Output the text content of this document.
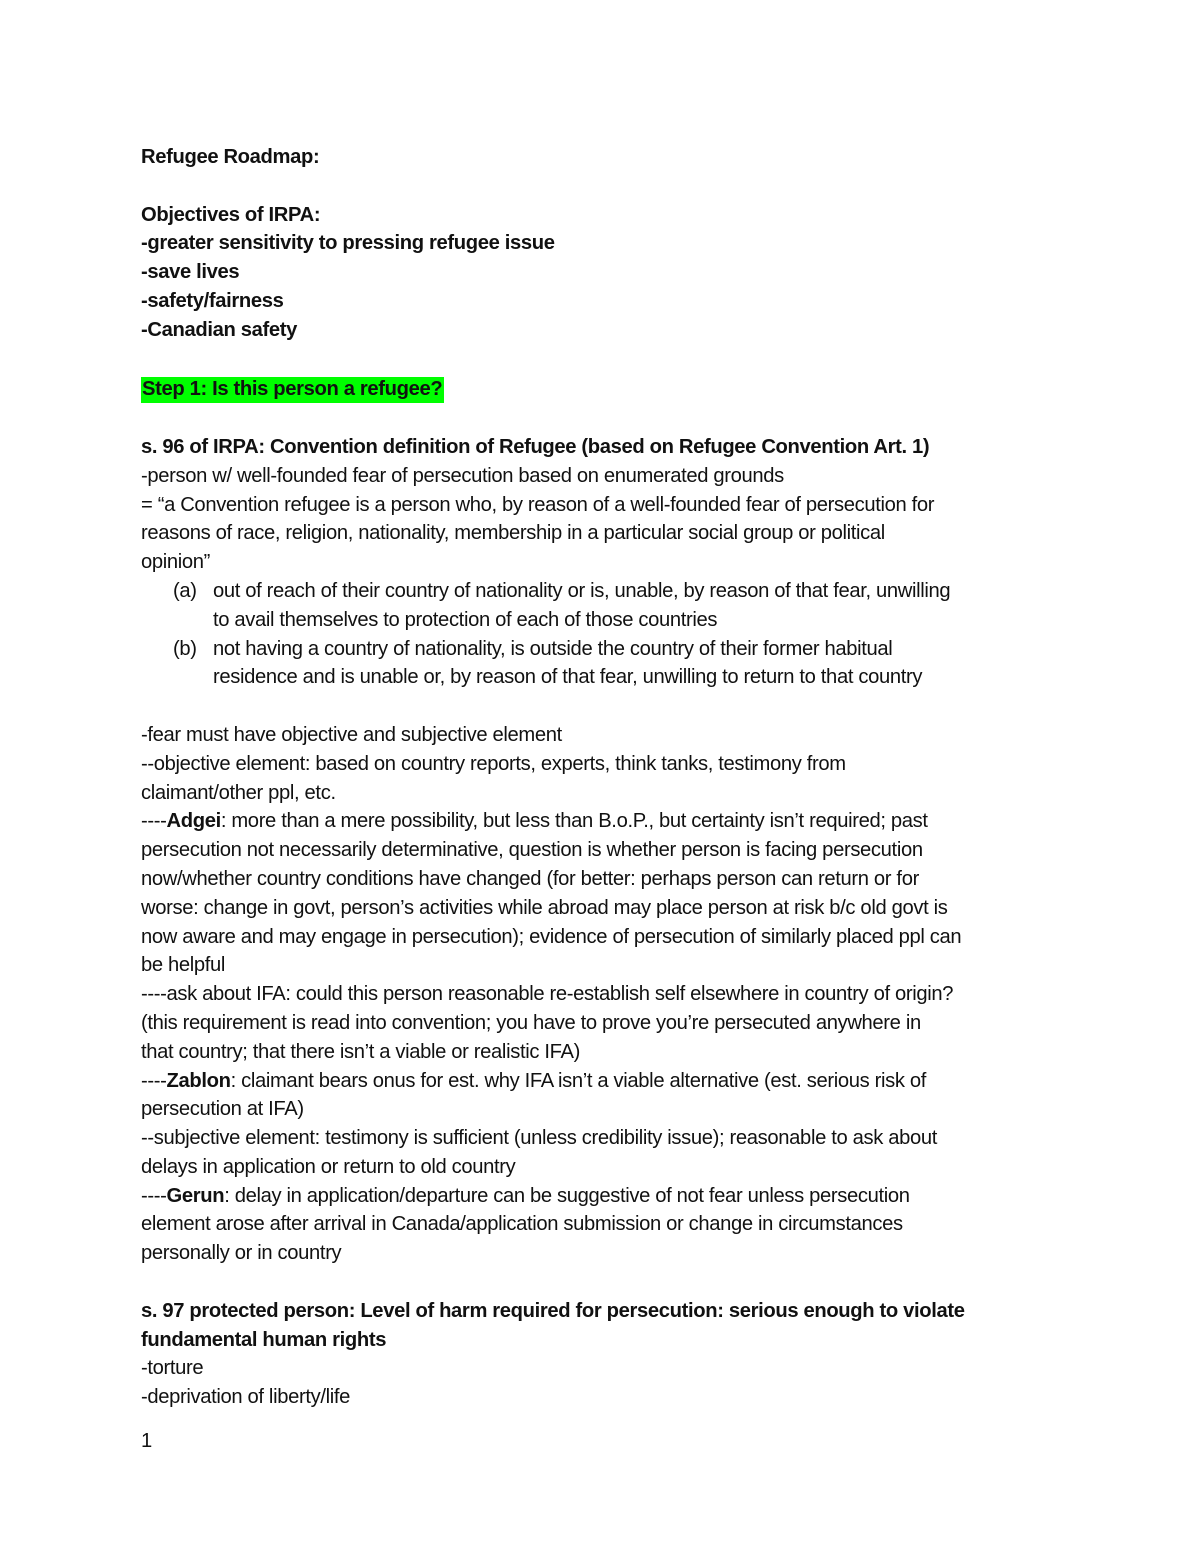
Refugee Roadmap:
Objectives of IRPA:
-greater sensitivity to pressing refugee issue
-save lives
-safety/fairness
-Canadian safety
Step 1: Is this person a refugee?
s. 96 of IRPA: Convention definition of Refugee (based on Refugee Convention Art. 1)
-person w/ well-founded fear of persecution based on enumerated grounds
= “a Convention refugee is a person who, by reason of a well-founded fear of persecution for
reasons of race, religion, nationality, membership in a particular social group or political
opinion”
(a) out of reach of their country of nationality or is, unable, by reason of that fear, unwilling
to avail themselves to protection of each of those countries
(b) not having a country of nationality, is outside the country of their former habitual
residence and is unable or, by reason of that fear, unwilling to return to that country
-fear must have objective and subjective element
--objective element: based on country reports, experts, think tanks, testimony from
claimant/other ppl, etc.
----Adgei: more than a mere possibility, but less than B.o.P., but certainty isn’t required; past
persecution not necessarily determinative, question is whether person is facing persecution
now/whether country conditions have changed (for better: perhaps person can return or for
worse: change in govt, person’s activities while abroad may place person at risk b/c old govt is
now aware and may engage in persecution); evidence of persecution of similarly placed ppl can
be helpful
----ask about IFA: could this person reasonable re-establish self elsewhere in country of origin?
(this requirement is read into convention; you have to prove you’re persecuted anywhere in
that country; that there isn’t a viable or realistic IFA)
----Zablon: claimant bears onus for est. why IFA isn’t a viable alternative (est. serious risk of
persecution at IFA)
--subjective element: testimony is sufficient (unless credibility issue); reasonable to ask about
delays in application or return to old country
----Gerun: delay in application/departure can be suggestive of not fear unless persecution
element arose after arrival in Canada/application submission or change in circumstances
personally or in country
s. 97 protected person: Level of harm required for persecution: serious enough to violate
fundamental human rights
-torture
-deprivation of liberty/life
1
